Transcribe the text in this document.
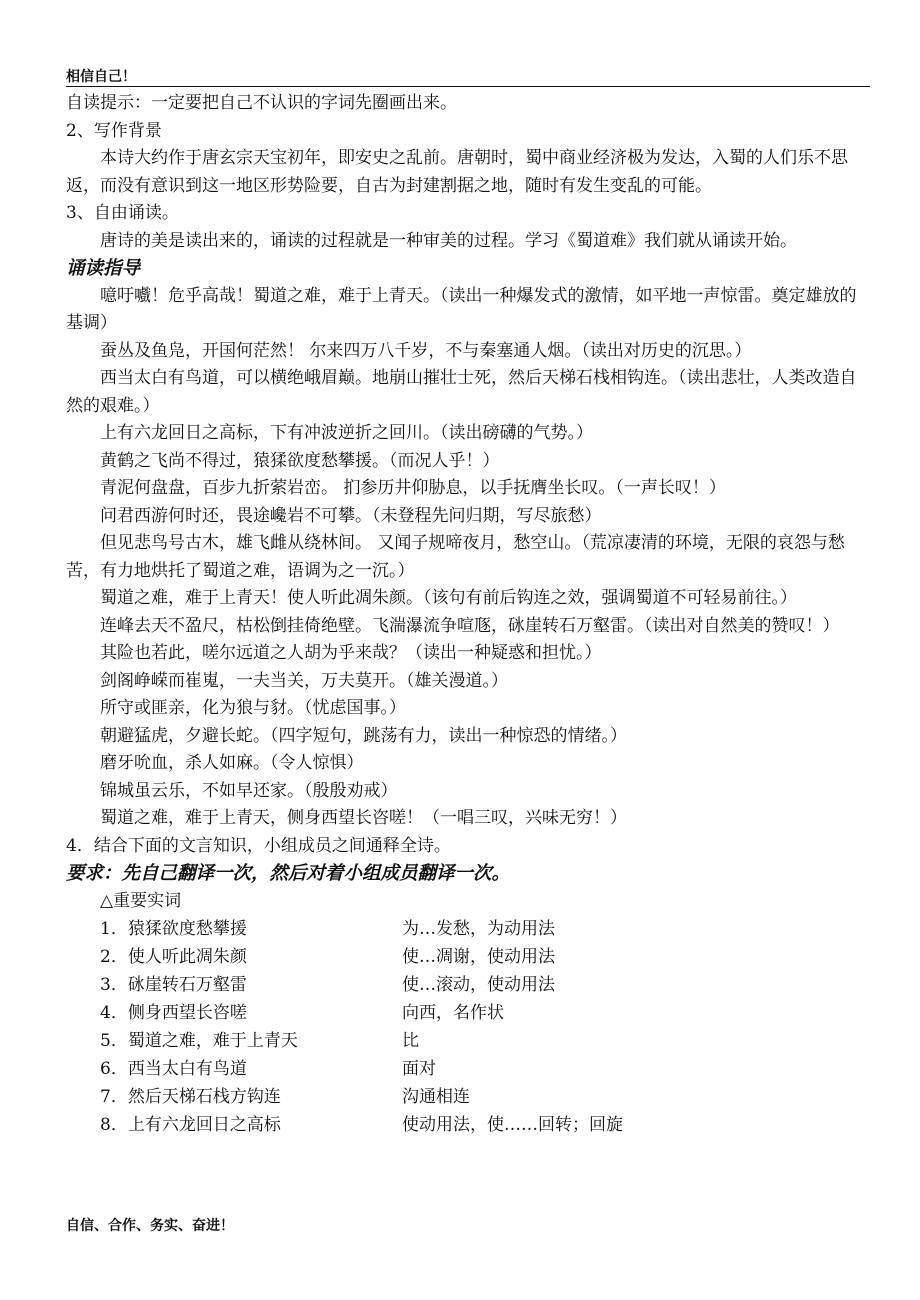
相信自己！

自读提示：一定要把自己不认识的字词先圈画出来。

2、写作背景

本诗大约作于唐玄宗天宝初年，即安史之乱前。唐朝时，蜀中商业经济极为发达，入蜀的人们乐不思返，而没有意识到这一地区形势险要，自古为封建割据之地，随时有发生变乱的可能。

3、自由诵读。

唐诗的美是读出来的，诵读的过程就是一种审美的过程。学习《蜀道难》我们就从诵读开始。

诵读指导

噫吁嚱！危乎高哉！蜀道之难，难于上青天。（读出一种爆发式的激情，如平地一声惊雷。奠定雄放的基调）

蚕丛及鱼凫，开国何茫然！ 尔来四万八千岁，不与秦塞通人烟。（读出对历史的沉思。）

西当太白有鸟道，可以横绝峨眉巅。地崩山摧壮士死，然后天梯石栈相钩连。（读出悲壮，人类改造自然的艰难。）

上有六龙回日之高标，下有冲波逆折之回川。（读出磅礴的气势。）

黄鹤之飞尚不得过，猿猱欲度愁攀援。（而况人乎！）

青泥何盘盘，百步九折萦岩峦。 扪参历井仰胁息，以手抚膺坐长叹。（一声长叹！）

问君西游何时还，畏途巉岩不可攀。（未登程先问归期，写尽旅愁）

但见悲鸟号古木，雄飞雌从绕林间。 又闻子规啼夜月，愁空山。（荒凉凄清的环境，无限的哀怨与愁苦，有力地烘托了蜀道之难，语调为之一沉。）

蜀道之难，难于上青天！使人听此凋朱颜。（该句有前后钩连之效，强调蜀道不可轻易前往。）

连峰去天不盈尺，枯松倒挂倚绝壁。飞湍瀑流争喧豗，砯崖转石万壑雷。（读出对自然美的赞叹！）

其险也若此，嗟尔远道之人胡为乎来哉？（读出一种疑惑和担忧。）

剑阁峥嵘而崔嵬，一夫当关，万夫莫开。（雄关漫道。）

所守或匪亲，化为狼与豺。（忧虑国事。）

朝避猛虎，夕避长蛇。（四字短句，跳荡有力，读出一种惊恐的情绪。）

磨牙吮血，杀人如麻。（令人惊惧）

锦城虽云乐，不如早还家。（殷殷劝戒）

蜀道之难，难于上青天，侧身西望长咨嗟！（一唱三叹，兴味无穷！）

4．结合下面的文言知识，小组成员之间通释全诗。

要求：先自己翻译一次，然后对着小组成员翻译一次。

△重要实词

1．猿猱欲度愁攀援	为…发愁，为动用法
2．使人听此凋朱颜	使…凋谢，使动用法
3．砯崖转石万壑雷	使…滚动，使动用法
4．侧身西望长咨嗟	向西，名作状
5．蜀道之难，难于上青天	比
6．西当太白有鸟道	面对
7．然后天梯石栈方钩连	沟通相连
8．上有六龙回日之高标	使动用法，使……回转；回旋
自信、合作、务实、奋进！
